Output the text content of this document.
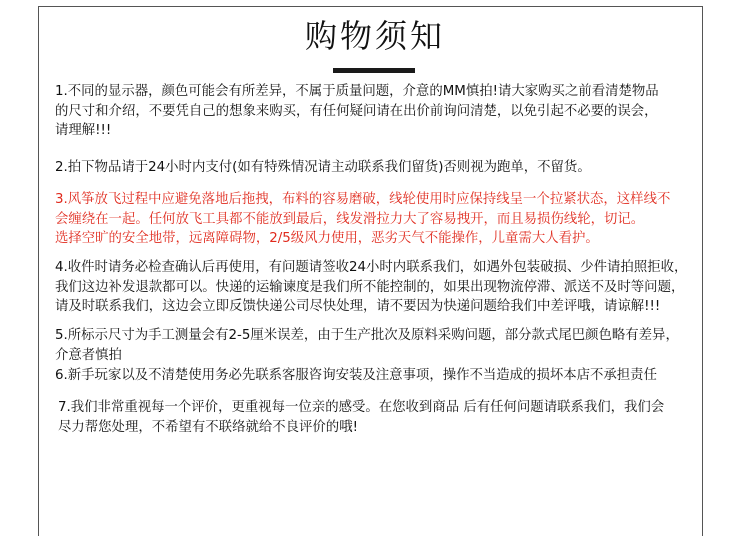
购物须知
1.不同的显示器，颜色可能会有所差异，不属于质量问题，介意的MM慎拍!请大家购买之前看清楚物品
的尺寸和介绍，不要凭自己的想象来购买，有任何疑问请在出价前询问清楚，以免引起不必要的误会，
请理解!!!
2.拍下物品请于24小时内支付(如有特殊情况请主动联系我们留货)否则视为跑单，不留货。
3.风筝放飞过程中应避免落地后拖拽，布料的容易磨破，线轮使用时应保持线呈一个拉紧状态，这样线不
会缠绕在一起。任何放飞工具都不能放到最后，线发滑拉力大了容易拽开，而且易损伤线轮，切记。
选择空旷的安全地带，远离障碍物，2/5级风力使用，恶劣天气不能操作，儿童需大人看护。
4.收件时请务必检查确认后再使用，有问题请签收24小时内联系我们，如遇外包装破损、少件请拍照拒收，
我们这边补发退款都可以。快递的运输谏度是我们所不能控制的，如果出现物流停滞、派送不及时等问题，
请及时联系我们，这边会立即反馈快递公司尽快处理，请不要因为快递问题给我们中差评哦，请谅解!!!
5.所标示尺寸为手工测量会有2-5厘米误差，由于生产批次及原料采购问题，部分款式尾巴颜色略有差异，
介意者慎拍
6.新手玩家以及不清楚使用务必先联系客服咨询安装及注意事项，操作不当造成的损坏本店不承担责任
7.我们非常重视每一个评价，更重视每一位亲的感受。在您收到商品 后有任何问题请联系我们，我们会
尽力帮您处理，不希望有不联络就给不良评价的哦!
